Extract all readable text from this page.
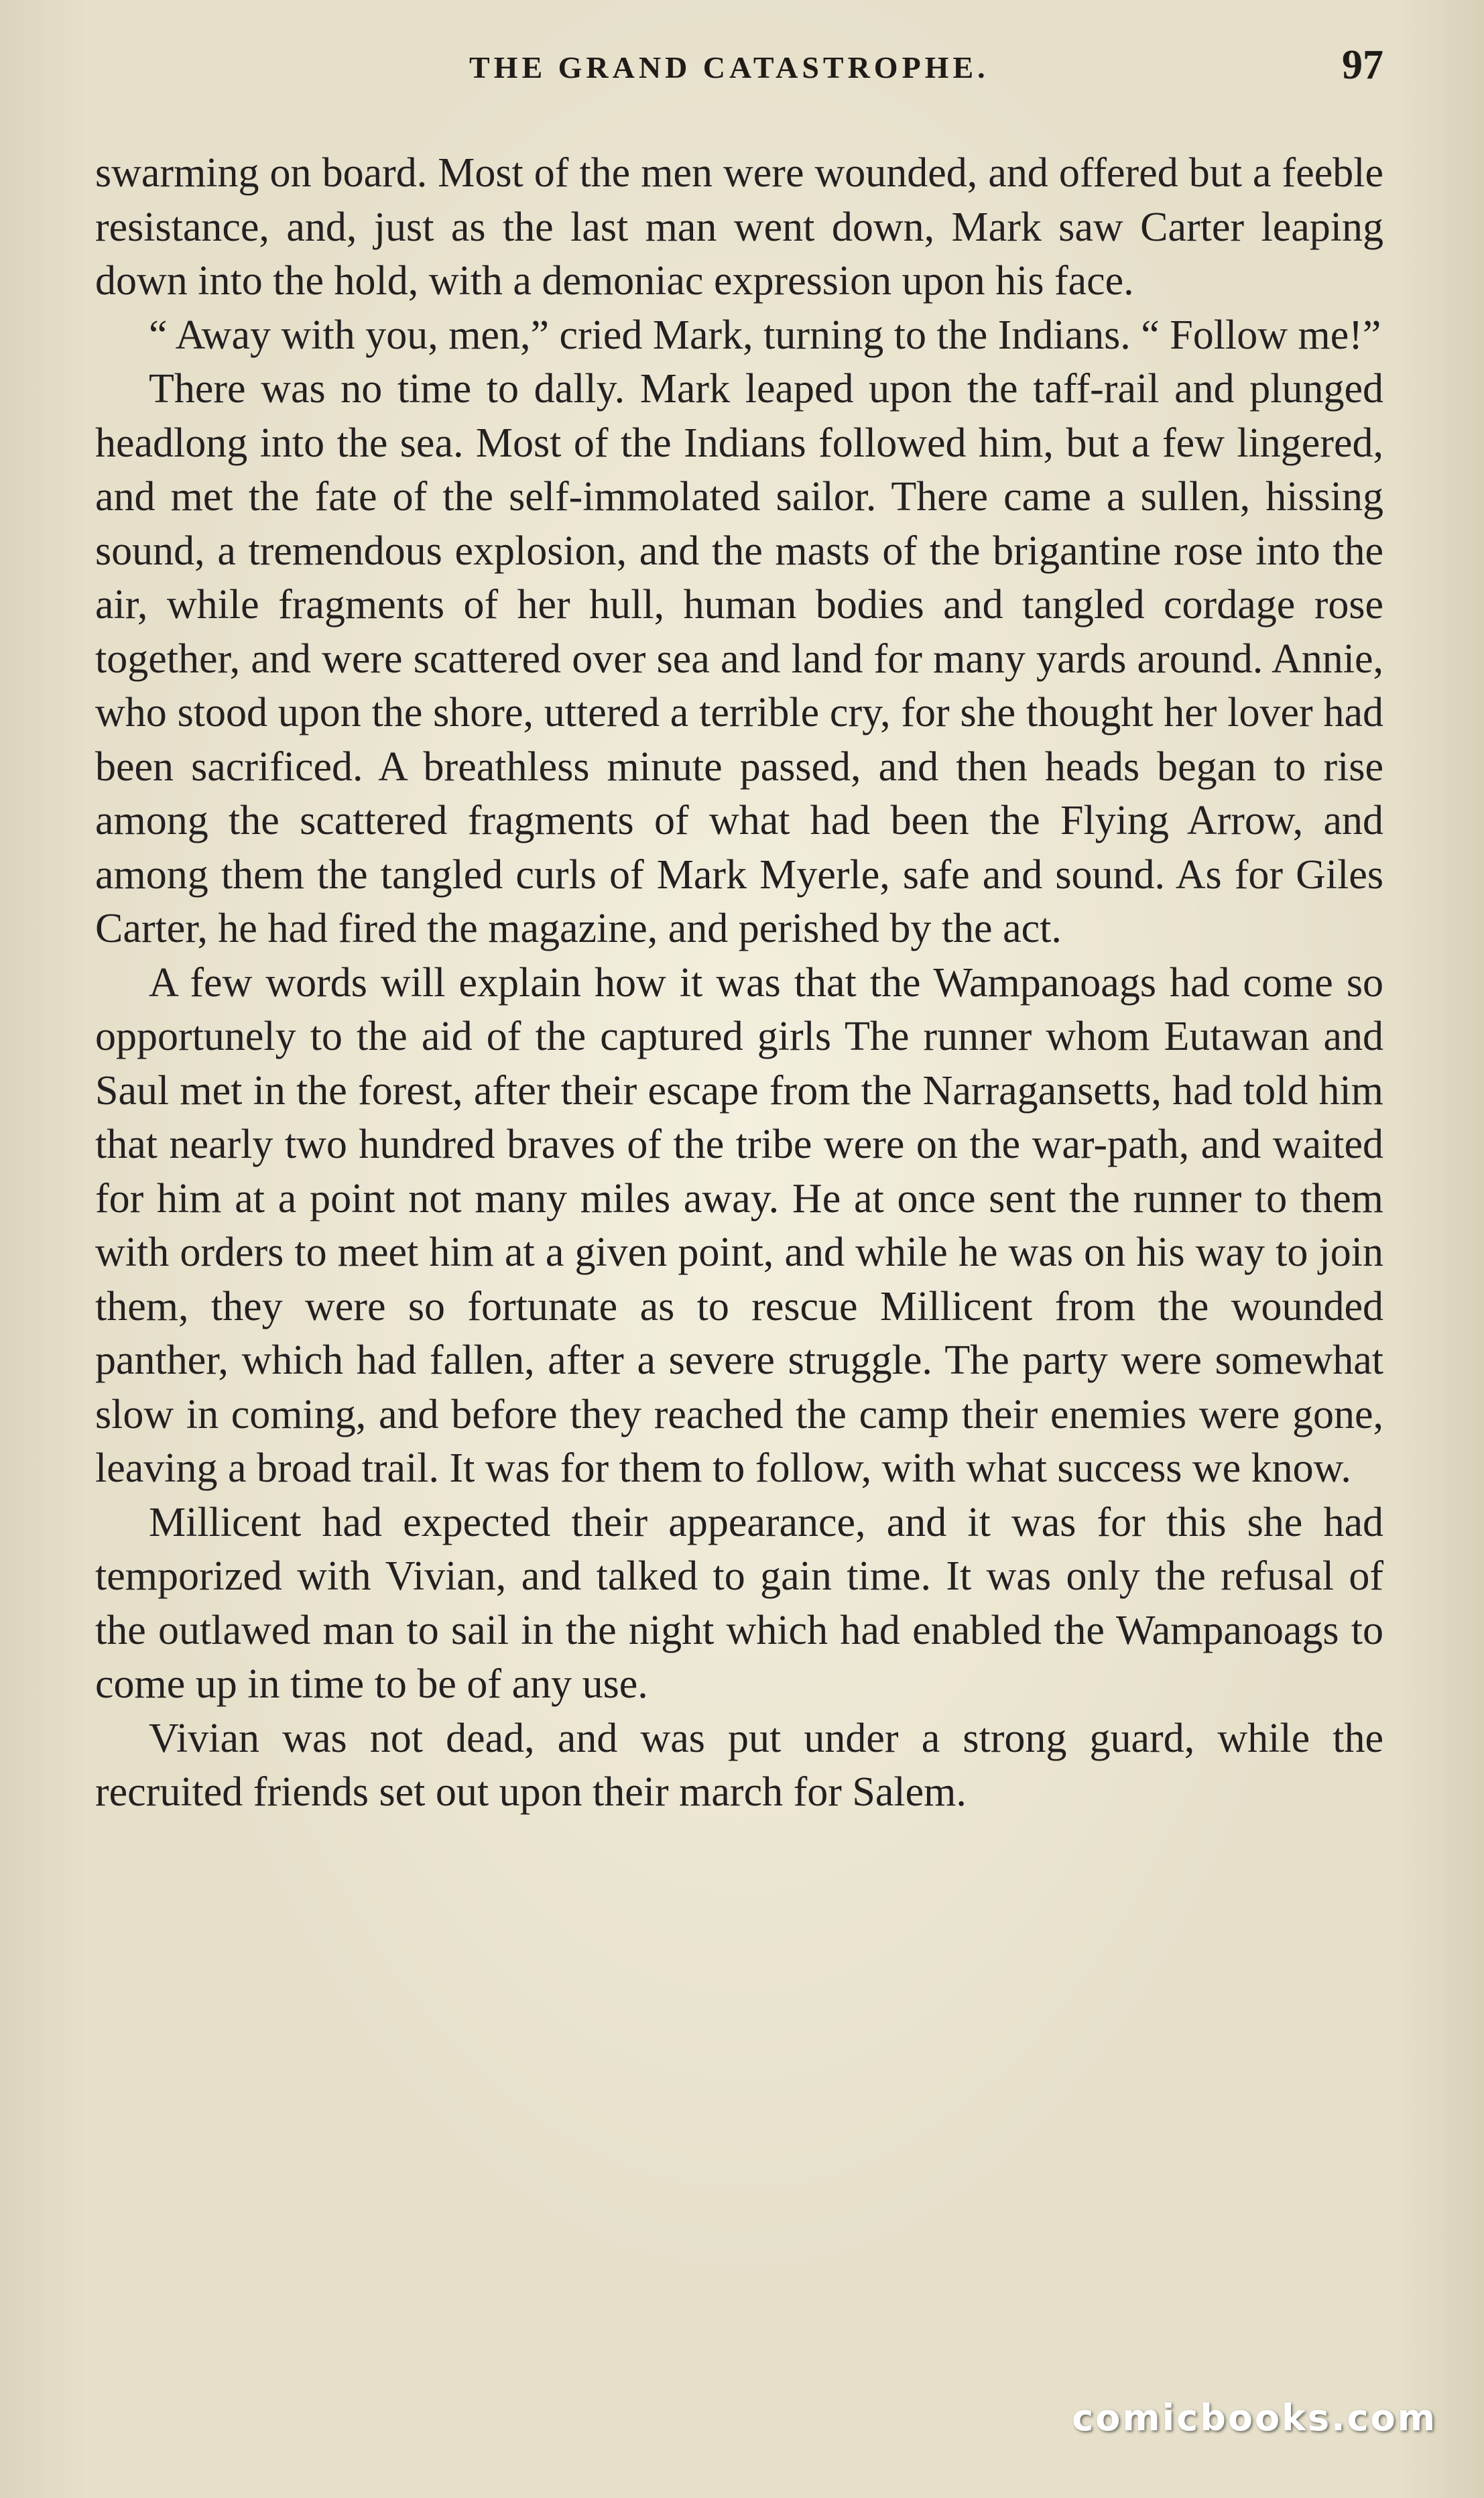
THE GRAND CATASTROPHE.	97

swarming on board. Most of the men were wounded, and offered but a feeble resistance, and, just as the last man went down, Mark saw Carter leaping down into the hold, with a demoniac expression upon his face.

“ Away with you, men,” cried Mark, turning to the Indians. “ Follow me!”

There was no time to dally. Mark leaped upon the taff-rail and plunged headlong into the sea. Most of the Indians followed him, but a few lingered, and met the fate of the self-immolated sailor. There came a sullen, hissing sound, a tremendous explosion, and the masts of the brigantine rose into the air, while fragments of her hull, human bodies and tangled cordage rose together, and were scattered over sea and land for many yards around. Annie, who stood upon the shore, uttered a terrible cry, for she thought her lover had been sacrificed. A breathless minute passed, and then heads began to rise among the scattered fragments of what had been the Flying Arrow, and among them the tangled curls of Mark Myerle, safe and sound. As for Giles Carter, he had fired the magazine, and perished by the act.

A few words will explain how it was that the Wampanoags had come so opportunely to the aid of the captured girls The runner whom Eutawan and Saul met in the forest, after their escape from the Narragansetts, had told him that nearly two hundred braves of the tribe were on the war-path, and waited for him at a point not many miles away. He at once sent the runner to them with orders to meet him at a given point, and while he was on his way to join them, they were so fortunate as to rescue Millicent from the wounded panther, which had fallen, after a severe struggle. The party were somewhat slow in coming, and before they reached the camp their enemies were gone, leaving a broad trail. It was for them to follow, with what success we know.

Millicent had expected their appearance, and it was for this she had temporized with Vivian, and talked to gain time. It was only the refusal of the outlawed man to sail in the night which had enabled the Wampanoags to come up in time to be of any use.

Vivian was not dead, and was put under a strong guard, while the recruited friends set out upon their march for Salem.

comicbooks.com
